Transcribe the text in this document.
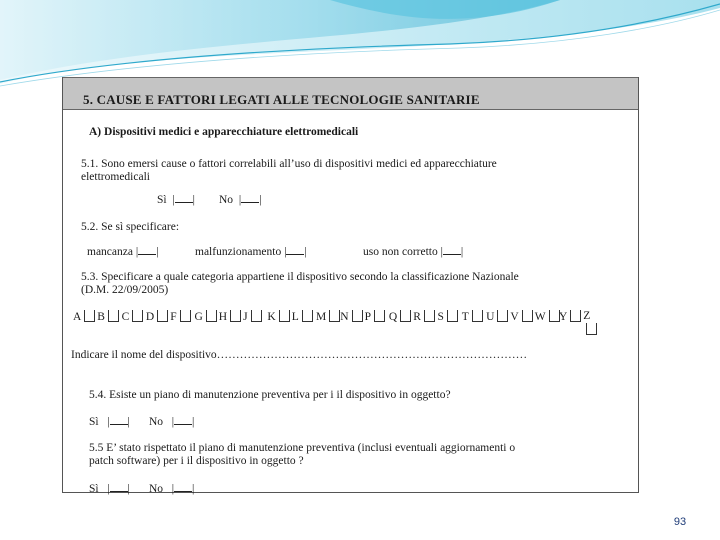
5. CAUSE E FATTORI LEGATI ALLE TECNOLOGIE SANITARIE
A) Dispositivi medici e apparecchiature elettromedicali
5.1. Sono emersi cause o fattori correlabili all’uso di dispositivi medici ed apparecchiature
elettromedicali
Sì  | | No  | |
5.2. Se sì specificare:
mancanza | |	malfunzionamento | |	uso non corretto | |
5.3. Specificare a quale categoria appartiene il dispositivo secondo la classificazione Nazionale
(D.M. 22/09/2005)
A	B	C	D	F	G	H	J	K	L	M	N	P	Q	R	S	T	U	V	W	Y	Z
Indicare il nome del dispositivo………………………………………………………………………
5.4. Esiste un piano di manutenzione preventiva per i il dispositivo in oggetto?
Sì   | | No   | |
5.5 E’ stato rispettato il piano di manutenzione preventiva (inclusi eventuali aggiornamenti o
patch software) per i il dispositivo in oggetto ?
Sì   | | No   | |
93
